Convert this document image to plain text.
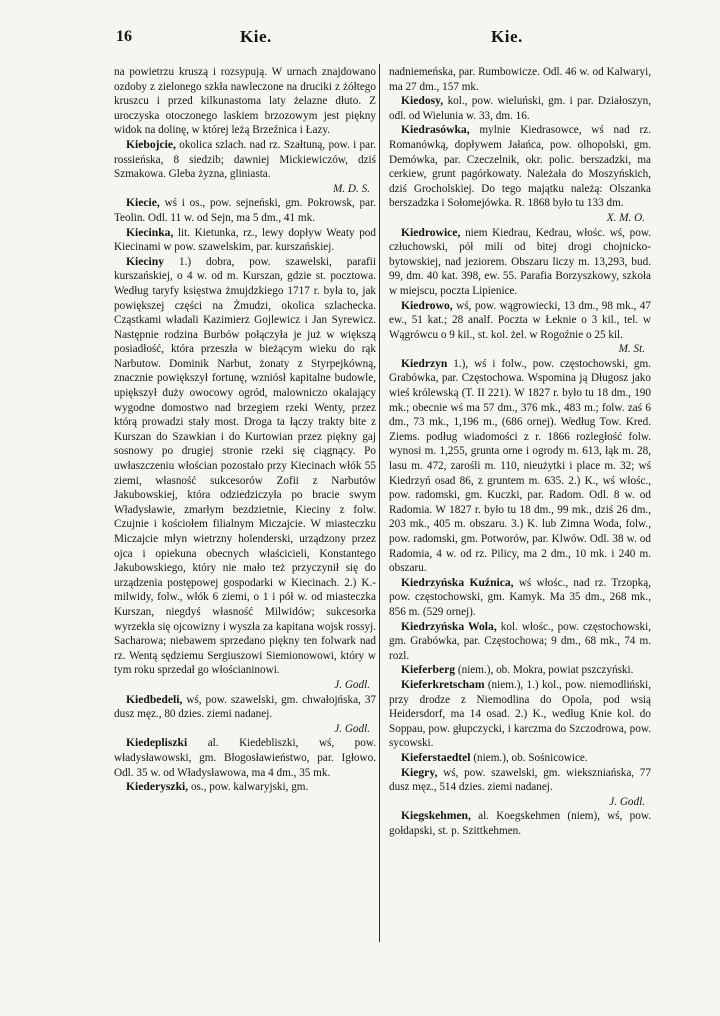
16	Kie.	Kie.

na powietrzu kruszą i rozsypują. W urnach znajdowano ozdoby z zielonego szkła nawleczone na druciki z żółtego kruszcu i przed kilkunastoma laty żelazne dłuto. Z uroczyska otoczonego laskiem brzozowym jest piękny widok na dolinę, w której leżą Brzeźnica i Łazy.

Kiebojcie, okolica szlach. nad rz. Szałtuną, pow. i par. rossieńska, 8 siedzib; dawniej Mickiewiczów, dziś Szmakowa. Gleba żyzna, gliniasta.
M. D. S.

Kiecie, wś i os., pow. sejneński, gm. Pokrowsk, par. Teolin. Odl. 11 w. od Sejn, ma 5 dm., 41 mk.

Kiecinka, lit. Kietunka, rz., lewy dopływ Weaty pod Kiecinami w pow. szawelskim, par. kurszańskiej.

Kieciny 1.) dobra, pow. szawelski, parafii kurszańskiej, o 4 w. od m. Kurszan, gdzie st. pocztowa. Według taryfy księstwa żmujdzkiego 1717 r. była to, jak powiększej części na Żmudzi, okolica szlachecka. Cząstkami władali Kazimierz Gojlewicz i Jan Syrewicz. Następnie rodzina Burbów połączyła je już w większą posiadłość, która przeszła w bieżącym wieku do rąk Narbutow. Dominik Narbut, żonaty z Styrpejkówną, znacznie powiększył fortunę, wzniósł kapitalne budowle, upiększył duży owocowy ogród, malowniczo okalający wygodne domostwo nad brzegiem rzeki Wenty, przez którą prowadzi stały most. Droga ta łączy trakty bite z Kurszan do Szawkian i do Kurtowian przez piękny gaj sosnowy po drugiej stronie rzeki się ciągnący. Po uwłaszczeniu włościan pozostało przy Kiecinach włók 55 ziemi, własność sukcesorów Zofii z Narbutów Jakubowskiej, która odziedziczyła po bracie swym Władysławie, zmarłym bezdzietnie, Kieciny z folw. Czujnie i kościołem filialnym Miczajcie. W miasteczku Miczajcie młyn wietrzny holenderski, urządzony przez ojca i opiekuna obecnych właścicieli, Konstantego Jakubowskiego, który nie mało też przyczynił się do urządzenia postępowej gospodarki w Kiecinach. 2.) K.-milwidy, folw., włók 6 ziemi, o 1 i pół w. od miasteczka Kurszan, niegdyś własność Milwidów; sukcesorka wyrzekła się ojcowizny i wyszła za kapitana wojsk rossyj. Sacharowa; niebawem sprzedano piękny ten folwark nad rz. Wentą sędziemu Sergiuszowi Siemionowowi, który w tym roku sprzedał go włościaninowi.
J. Godl.

Kiedbedeli, wś, pow. szawelski, gm. chwałojńska, 37 dusz męz., 80 dzies. ziemi nadanej.
J. Godl.

Kiedepliszki al. Kiedebliszki, wś, pow. władysławowski, gm. Błogosławieństwo, par. Igłowo. Odl. 35 w. od Władysławowa, ma 4 dm., 35 mk.

Kiederyszki, os., pow. kalwaryjski, gm.

nadniemeńska, par. Rumbowicze. Odl. 46 w. od Kalwaryi, ma 27 dm., 157 mk.

Kiedosy, kol., pow. wieluński, gm. i par. Działoszyn, odl. od Wielunia w. 33, dm. 16.

Kiedrasówka, mylnie Kiedrasowce, wś nad rz. Romanówką, dopływem Jałańca, pow. olhopolski, gm. Demówka, par. Czeczelnik, okr. polic. berszadzki, ma cerkiew, grunt pagórkowaty. Należała do Moszyńskich, dziś Grocholskiej. Do tego majątku należą: Olszanka berszadzka i Sołomejówka. R. 1868 było tu 133 dm.
X. M. O.

Kiedrowice, niem Kiedrau, Kedrau, włośc. wś, pow. człuchowski, pół mili od bitej drogi chojnicko-bytowskiej, nad jeziorem. Obszaru liczy m. 13,293, bud. 99, dm. 40 kat. 398, ew. 55. Parafia Borzyszkowy, szkoła w miejscu, poczta Lipienice.

Kiedrowo, wś, pow. wągrowiecki, 13 dm., 98 mk., 47 ew., 51 kat.; 28 analf. Poczta w Łeknie o 3 kil., tel. w Wągrówcu o 9 kil., st. kol. żel. w Rogoźnie o 25 kil.
M. St.

Kiedrzyn 1.), wś i folw., pow. częstochowski, gm. Grabówka, par. Częstochowa. Wspomina ją Długosz jako wieś królewską (T. II 221). W 1827 r. było tu 18 dm., 190 mk.; obecnie wś ma 57 dm., 376 mk., 483 m.; folw. zaś 6 dm., 73 mk., 1,196 m., (686 ornej). Według Tow. Kred. Ziems. podług wiadomości z r. 1866 rozległość folw. wynosi m. 1,255, grunta orne i ogrody m. 613, łąk m. 28, lasu m. 472, zarośli m. 110, nieużytki i place m. 32; wś Kiedrzyń osad 86, z gruntem m. 635. 2.) K., wś włośc., pow. radomski, gm. Kuczki, par. Radom. Odl. 8 w. od Radomia. W 1827 r. było tu 18 dm., 99 mk., dziś 26 dm., 203 mk., 405 m. obszaru. 3.) K. lub Zimna Woda, folw., pow. radomski, gm. Potworów, par. Klwów. Odl. 38 w. od Radomia, 4 w. od rz. Pilicy, ma 2 dm., 10 mk. i 240 m. obszaru.

Kiedrzyńska Kuźnica, wś włośc., nad rz. Trzopką, pow. częstochowski, gm. Kamyk. Ma 35 dm., 268 mk., 856 m. (529 ornej).

Kiedrzyńska Wola, kol. włośc., pow. częstochowski, gm. Grabówka, par. Częstochowa; 9 dm., 68 mk., 74 m. rozl.

Kieferberg (niem.), ob. Mokra, powiat pszczyński.

Kieferkretscham (niem.), 1.) kol., pow. niemodliński, przy drodze z Niemodlina do Opola, pod wsią Heidersdorf, ma 14 osad. 2.) K., według Knie kol. do Soppau, pow. głupczycki, i karczma do Szczodrowa, pow. sycowski.

Kieferstaedtel (niem.), ob. Sośnicowice.

Kiegry, wś, pow. szawelski, gm. wiekszniańska, 77 dusz męz., 514 dzies. ziemi nadanej.
J. Godl.

Kiegskehmen, al. Koegskehmen (niem), wś, pow. gołdapski, st. p. Szittkehmen.
